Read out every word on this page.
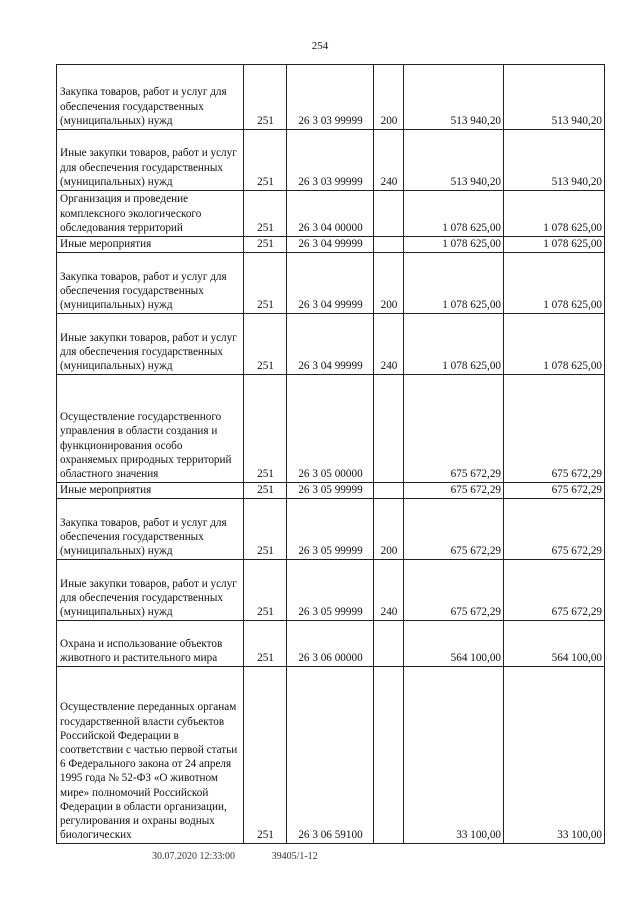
254
Закупка товаров, работ и услуг для обеспечения государственных (муниципальных) нужд	251	26 3 03 99999	200	513 940,20	513 940,20
Иные закупки товаров, работ и услуг для обеспечения государственных (муниципальных) нужд	251	26 3 03 99999	240	513 940,20	513 940,20
Организация и проведение комплексного экологического обследования территорий	251	26 3 04 00000		1 078 625,00	1 078 625,00
Иные мероприятия	251	26 3 04 99999		1 078 625,00	1 078 625,00
Закупка товаров, работ и услуг для обеспечения государственных (муниципальных) нужд	251	26 3 04 99999	200	1 078 625,00	1 078 625,00
Иные закупки товаров, работ и услуг для обеспечения государственных (муниципальных) нужд	251	26 3 04 99999	240	1 078 625,00	1 078 625,00
Осуществление государственного управления в области создания и функционирования особо охраняемых природных территорий областного значения	251	26 3 05 00000		675 672,29	675 672,29
Иные мероприятия	251	26 3 05 99999		675 672,29	675 672,29
Закупка товаров, работ и услуг для обеспечения государственных (муниципальных) нужд	251	26 3 05 99999	200	675 672,29	675 672,29
Иные закупки товаров, работ и услуг для обеспечения государственных (муниципальных) нужд	251	26 3 05 99999	240	675 672,29	675 672,29
Охрана и использование объектов животного и растительного мира	251	26 3 06 00000		564 100,00	564 100,00
Осуществление переданных органам государственной власти субъектов Российской Федерации в соответствии с частью первой статьи 6 Федерального закона от 24 апреля 1995 года № 52-ФЗ «О животном мире» полномочий Российской Федерации в области организации, регулирования и охраны водных биологических	251	26 3 06 59100		33 100,00	33 100,00
30.07.2020 12:33:00	39405/1-12
